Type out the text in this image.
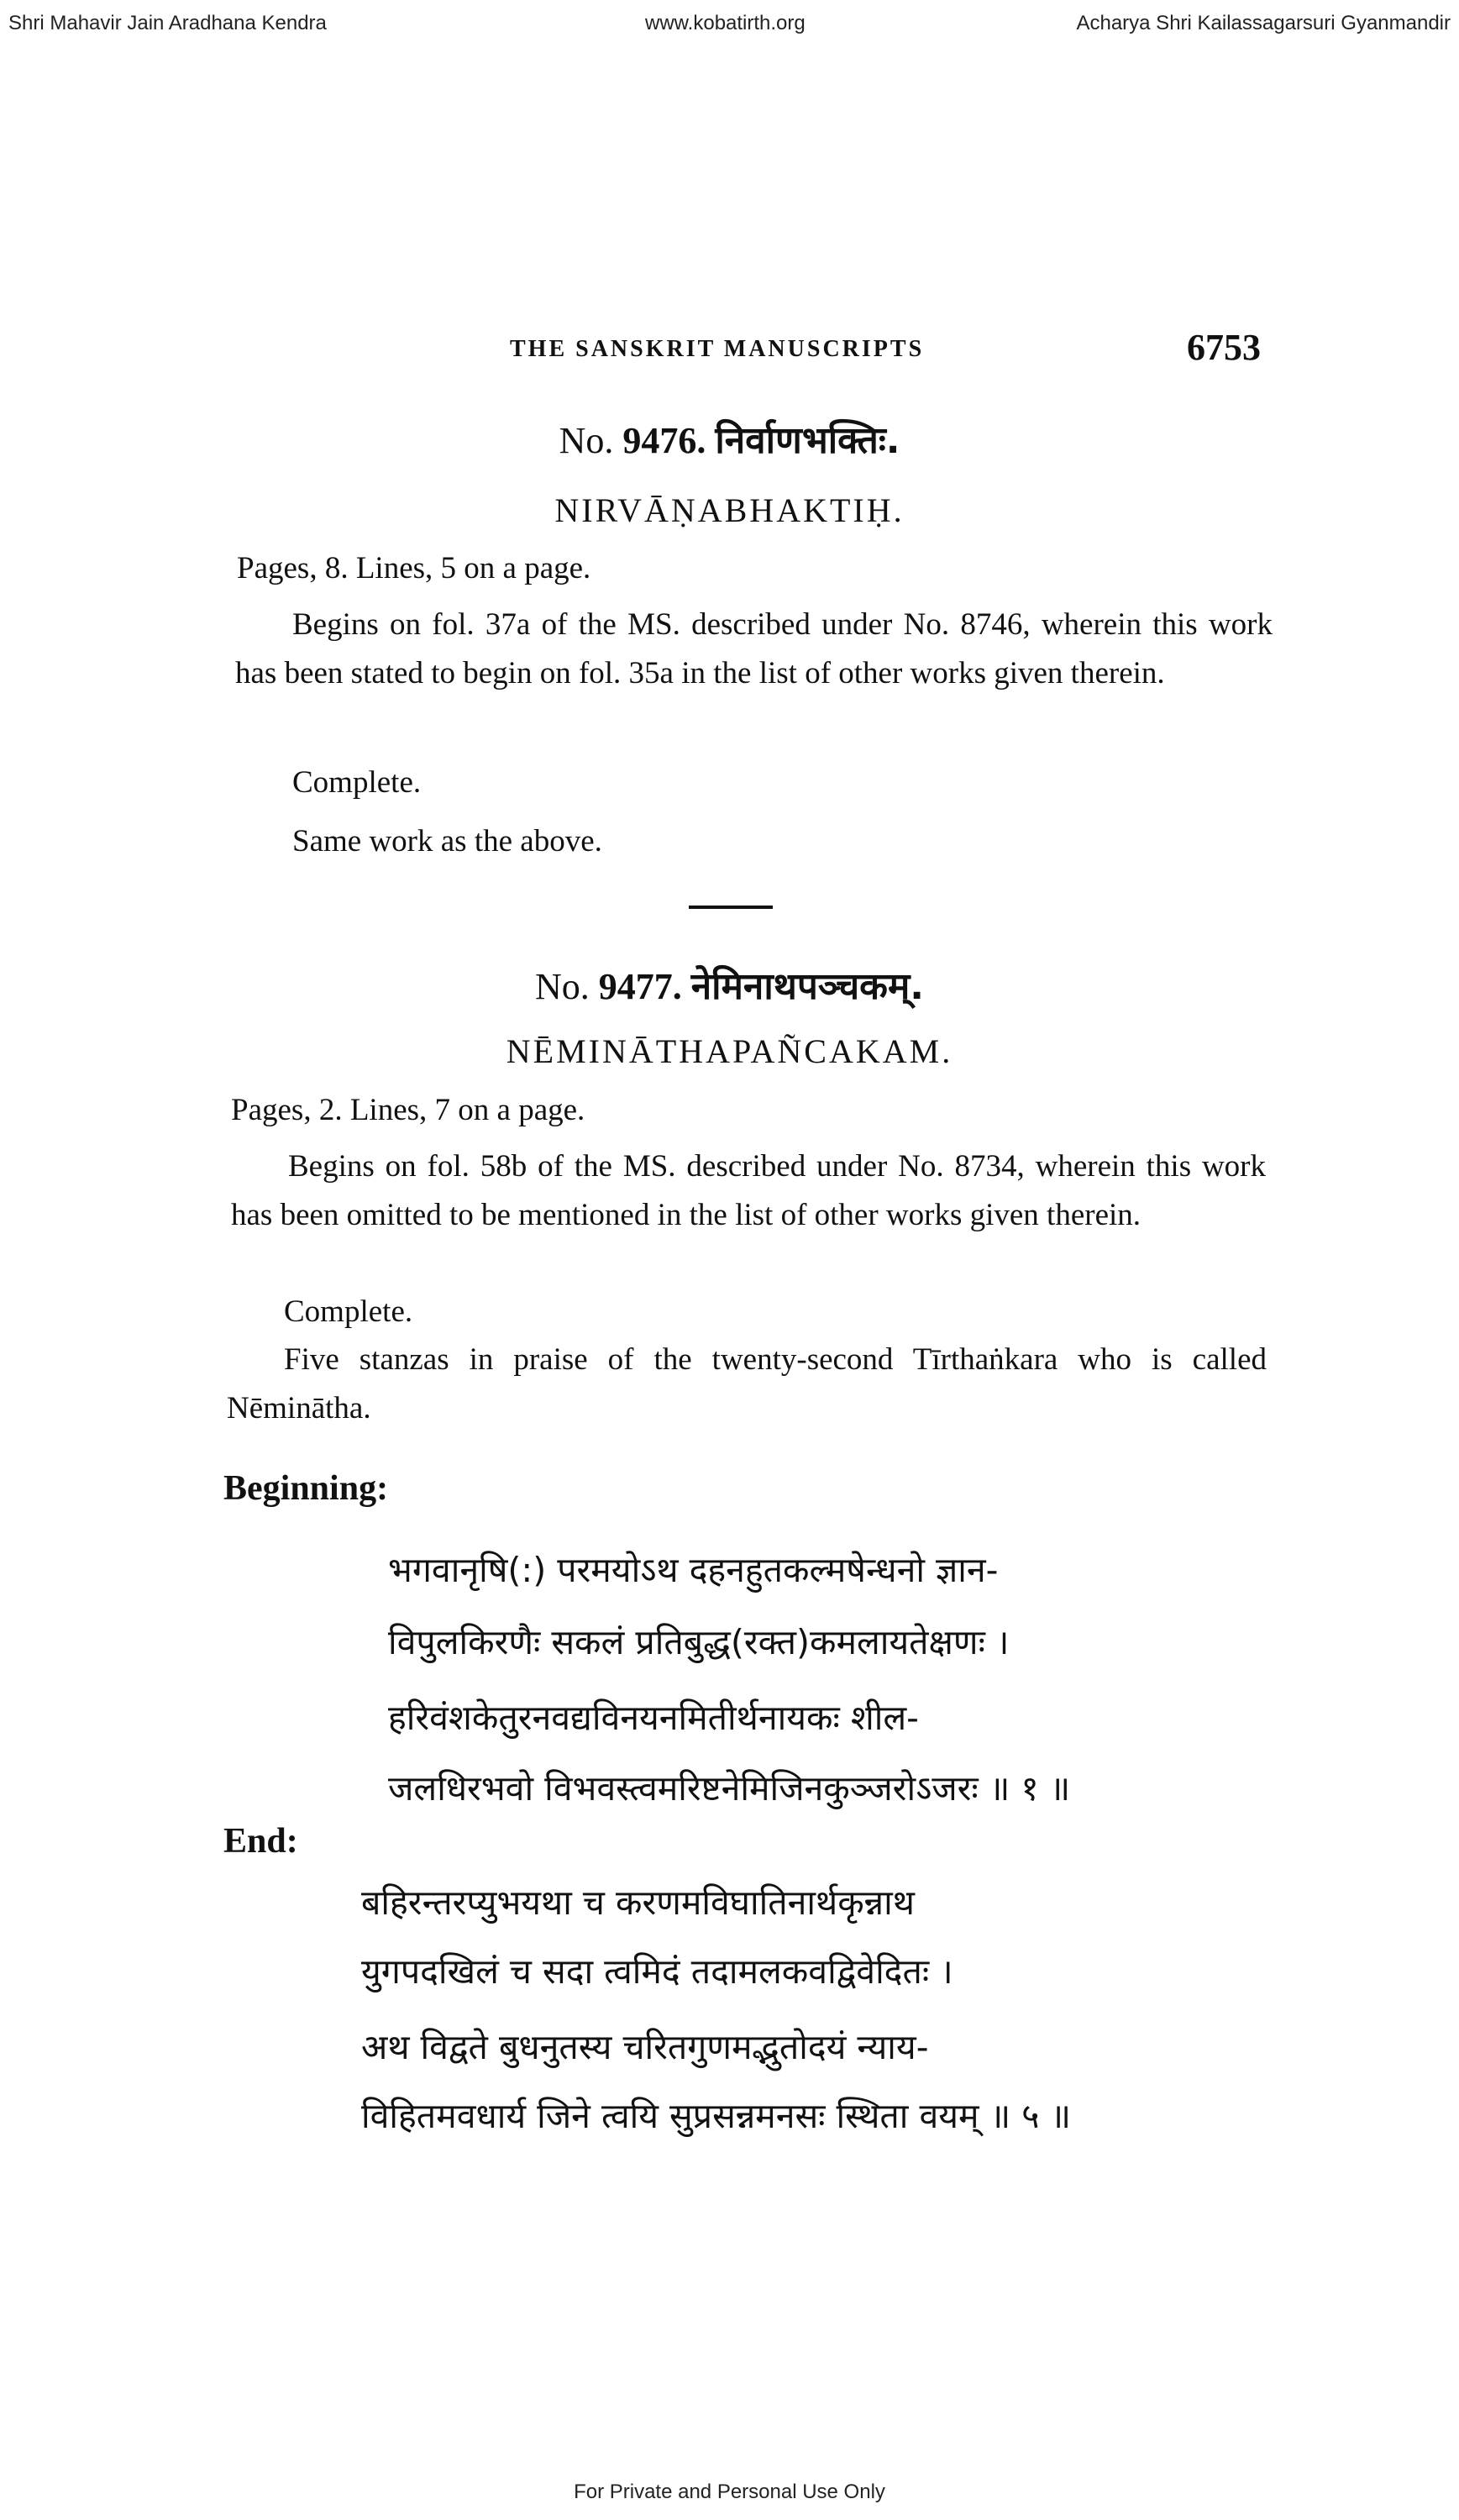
Shri Mahavir Jain Aradhana Kendra	www.kobatirth.org	Acharya Shri Kailassagarsuri Gyanmandir
THE SANSKRIT MANUSCRIPTS	6753
No. 9476. निर्वाणभक्तिः.
NIRVĀṆABHAKTIḤ.
Pages, 8. Lines, 5 on a page.
Begins on fol. 37a of the MS. described under No. 8746, wherein this work has been stated to begin on fol. 35a in the list of other works given therein.
Complete.
Same work as the above.
No. 9477. नेमिनाथपञ्चकम्.
NĒMINĀTHAPAÑCAKAM.
Pages, 2. Lines, 7 on a page.
Begins on fol. 58b of the MS. described under No. 8734, wherein this work has been omitted to be mentioned in the list of other works given therein.
Complete.
Five stanzas in praise of the twenty-second Tīrthaṅkara who is called Nēminātha.
Beginning:
भगवानृषि(:) परमयोऽथ दहनहुतकल्मषेन्धनो ज्ञान-
विपुलकिरणैः सकलं प्रतिबुद्ध(रक्त)कमलायतेक्षणः ।
हरिवंशकेतुरनवद्यविनयनमितीर्थनायकः शील-
जलधिरभवो विभवस्त्वमरिष्टनेमिजिनकुञ्जरोऽजरः ॥ १ ॥
End:
बहिरन्तरप्युभयथा च करणमविघातिनार्थकृन्नाथ
युगपदखिलं च सदा त्वमिदं तदामलकवद्विवेदितः ।
अथ विद्वते बुधनुतस्य चरितगुणमद्भुतोदयं न्याय-
विहितमवधार्य जिने त्वयि सुप्रसन्नमनसः स्थिता वयम् ॥ ५ ॥
For Private and Personal Use Only
